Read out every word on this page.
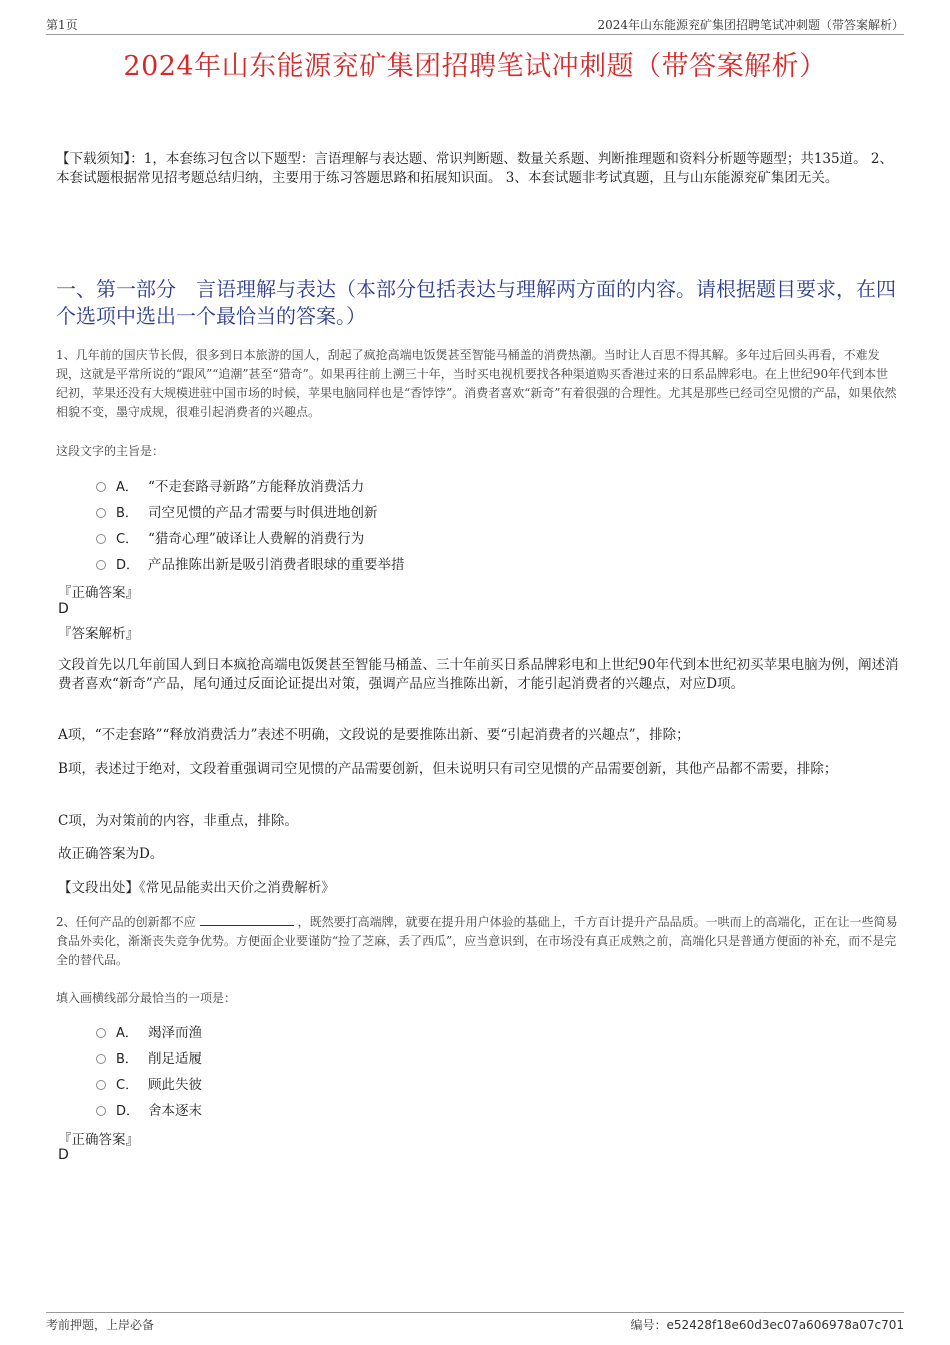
第1页	2024年山东能源兖矿集团招聘笔试冲刺题（带答案解析）
2024年山东能源兖矿集团招聘笔试冲刺题（带答案解析）
【下载须知】：1，本套练习包含以下题型：言语理解与表达题、常识判断题、数量关系题、判断推理题和资料分析题等题型；共135道。 2、本套试题根据常见招考题总结归纳，主要用于练习答题思路和拓展知识面。 3、本套试题非考试真题，且与山东能源兖矿集团无关。
一、第一部分　言语理解与表达（本部分包括表达与理解两方面的内容。请根据题目要求，在四个选项中选出一个最恰当的答案。）
1、几年前的国庆节长假，很多到日本旅游的国人，刮起了疯抢高端电饭煲甚至智能马桶盖的消费热潮。当时让人百思不得其解。多年过后回头再看，不难发现，这就是平常所说的“跟风”“追潮”甚至“猎奇”。如果再往前上溯三十年，当时买电视机要找各种渠道购买香港过来的日系品牌彩电。在上世纪90年代到本世纪初，苹果还没有大规模进驻中国市场的时候，苹果电脑同样也是“香饽饽”。消费者喜欢“新奇”有着很强的合理性。尤其是那些已经司空见惯的产品，如果依然相貌不变，墨守成规，很难引起消费者的兴趣点。
这段文字的主旨是：
A． “不走套路寻新路”方能释放消费活力
B． 司空见惯的产品才需要与时俱进地创新
C． “猎奇心理”破译让人费解的消费行为
D． 产品推陈出新是吸引消费者眼球的重要举措
『正确答案』
D
『答案解析』
文段首先以几年前国人到日本疯抢高端电饭煲甚至智能马桶盖、三十年前买日系品牌彩电和上世纪90年代到本世纪初买苹果电脑为例，阐述消费者喜欢“新奇”产品，尾句通过反面论证提出对策，强调产品应当推陈出新，才能引起消费者的兴趣点，对应D项。
A项，“不走套路”“释放消费活力”表述不明确，文段说的是要推陈出新、要“引起消费者的兴趣点”，排除；
B项，表述过于绝对，文段着重强调司空见惯的产品需要创新，但未说明只有司空见惯的产品需要创新，其他产品都不需要，排除；
C项，为对策前的内容，非重点，排除。
故正确答案为D。
【文段出处】《常见品能卖出天价之消费解析》
2、任何产品的创新都不应	，既然要打高端牌，就要在提升用户体验的基础上，千方百计提升产品品质。一哄而上的高端化，正在让一些简易食品外卖化，渐渐丧失竞争优势。方便面企业要谨防“捡了芝麻，丢了西瓜”，应当意识到，在市场没有真正成熟之前，高端化只是普通方便面的补充，而不是完全的替代品。
填入画横线部分最恰当的一项是：
A． 竭泽而渔
B． 削足适履
C． 顾此失彼
D． 舍本逐末
『正确答案』
D
考前押题，上岸必备	编号：e52428f18e60d3ec07a606978a07c701
